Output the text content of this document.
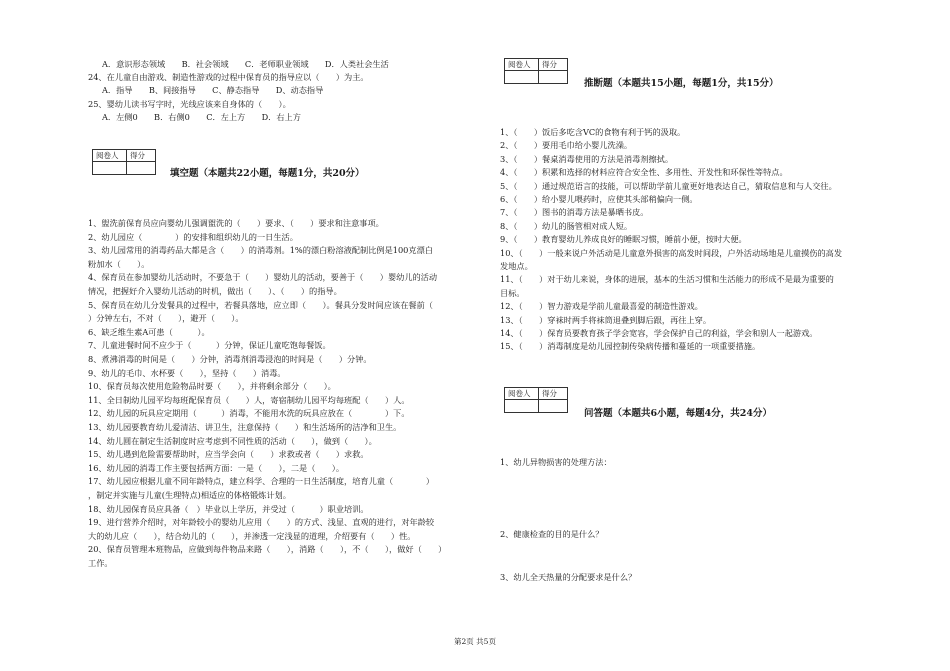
A．意识形态领域　　B．社会领域　　C．老师职业领域　　D．人类社会生活
24、在儿童自由游戏、制造性游戏的过程中保育员的指导应以（　　）为主。
A．指导　　B、间接指导　　C、静态指导　　D、动态指导
25、婴幼儿读书写字时，光线应该来自身体的（　　）。
A．左侧0　　B．右侧0　　C．左上方　　D．右上方
阅卷人	得分
填空题（本题共22小题，每题1分，共20分）
1、盥洗前保育员应向婴幼儿强调盥洗的（　　）要求、（　　）要求和注意事项。
2、幼儿园应（　　　　）的安排和组织幼儿的一日生活。
3、幼儿园常用的消毒药品大都是含（　　）的消毒剂。1%的漂白粉溶液配制比例是100克漂白
粉加水（　　）。
4、保育员在参加婴幼儿活动时，不要急于（　　）婴幼儿的活动，要善于（　　）婴幼儿的活动
情况，把握好介入婴幼儿活动的时机，做出（　　）、（　　）的指导。
5、保育员在幼儿分发餐具的过程中，若餐具落地，应立即（　　）。餐具分发时间应该在餐前（
）分钟左右，不对（　　），避开（　　）。
6、缺乏维生素A可患（　　　）。
7、儿童进餐时间不应少于（　　　）分钟，保证儿童吃饱每餐饭。
8、煮沸消毒的时间是（　　）分钟，消毒剂消毒浸泡的时间是（　　）分钟。
9、幼儿的毛巾、水杯要（　　），坚持（　　）消毒。
10、保育员每次使用危险物品时要（　　），并将剩余部分（　　）。
11、全日制幼儿园平均每班配保育员（　　）人，寄宿制幼儿园平均每班配（　　）人。
12、幼儿园的玩具应定期用（　　　）消毒，不能用水洗的玩具应放在（　　　　）下。
13、幼儿园要教育幼儿爱清洁、讲卫生，注意保持（　　）和生活场所的洁净和卫生。
14、幼儿圆在制定生活制度时应考虑到不同性质的活动（　　），做到（　　）。
15、幼儿遇到危险需要帮助时，应当学会向（　　）求救或者（　　）求救。
16、幼儿园的消毒工作主要包括两方面：一是（　　），二是（　　）。
17、幼儿园应根据儿童不同年龄特点，建立科学、合理的一日生活制度，培育儿童（　　　　）
，制定并实施与儿童(生理特点)相适应的体格锻炼计划。
18、幼儿园保育员应具备（　）毕业以上学历，并受过（　　　）职业培训。
19、进行营养介绍时，对年龄较小的婴幼儿应用（　　）的方式、浅显、直观的进行，对年龄较
大的幼儿应（　　），结合幼儿的（　　），并渗透一定浅显的道理，介绍要有（　　）性。
20、保育员管理本班物品，应做到每件物品来路（　　），消路（　　），不（　　），做好（　　）
工作。
阅卷人	得分
推断题（本题共15小题，每题1分，共15分）
1、（　　）饭后多吃含VC的食物有利于钙的汲取。
2、（　　）要用毛巾给小婴儿洗澡。
3、（　　）餐桌消毒使用的方法是消毒剂擦拭。
4、（　　）积累和选择的材料应符合安全性、多用性、开发性和环保性等特点。
5、（　　）通过规范语言的技能，可以帮助学前儿童更好地表达自己，猜取信息和与人交往。
6、（　　）给小婴儿喂药时，应使其头部稍偏向一侧。
7、（　　）图书的消毒方法是暴晒书皮。
8、（　　）幼儿的肠管相对成人短。
9、（　　）教育婴幼儿养成良好的睡眠习惯，睡前小便，按时大便。
10、（　　）一般来说户外活动是儿童意外损害的高发时间段，户外活动场地是儿童摸伤的高发
发地点。
11、（　　）对于幼儿来说，身体的进展，基本的生活习惯和生活能力的形成不是最为重要的
目标。
12、（　　）智力游戏是学前儿童最喜爱的制造性游戏。
13、（　　）穿袜时两手将袜筒退叠到脚后跟，再往上穿。
14、（　　）保育员要教育孩子学会宽容，学会保护自己的利益，学会和别人一起游戏。
15、（　　）消毒制度是幼儿园控制传染病传播和蔓延的一项重要措施。
阅卷人	得分
问答题（本题共6小题，每题4分，共24分）
1、幼儿异物损害的处理方法：
2、健康检查的目的是什么？
3、幼儿全天热量的分配要求是什么？
第2页 共5页
